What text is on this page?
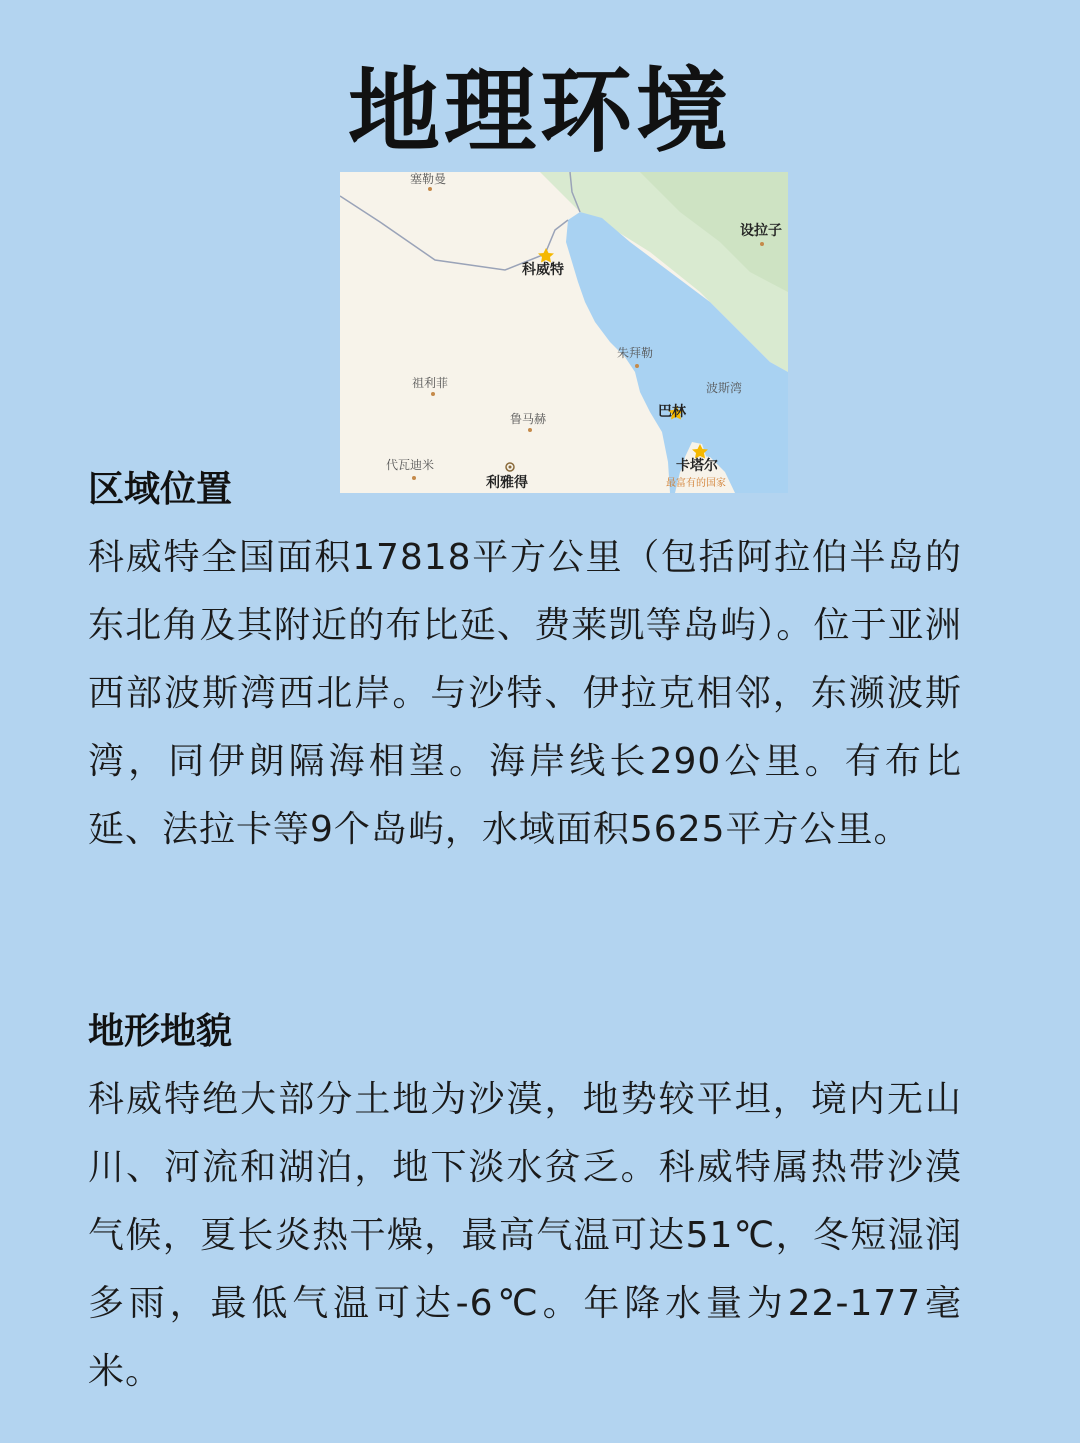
地理环境
塞勒曼
设拉子
科威特
朱拜勒
波斯湾
祖利菲
巴林
鲁马赫
代瓦迪米	卡塔尔
最富有的国家
利雅得
区域位置
科威特全国面积17818平方公里（包括阿拉伯半岛的东北角及其附近的布比延、费莱凯等岛屿）。位于亚洲西部波斯湾西北岸。与沙特、伊拉克相邻，东濒波斯湾，同伊朗隔海相望。海岸线长290公里。有布比延、法拉卡等9个岛屿，水域面积5625平方公里。
地形地貌
科威特绝大部分土地为沙漠，地势较平坦，境内无山川、河流和湖泊，地下淡水贫乏。科威特属热带沙漠气候，夏长炎热干燥，最高气温可达51℃，冬短湿润多雨，最低气温可达-6℃。年降水量为22-177毫米。
